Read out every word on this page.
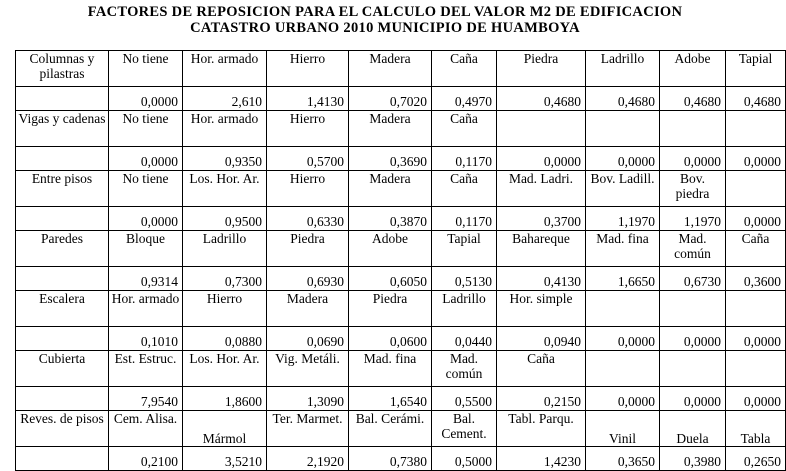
FACTORES DE REPOSICION PARA EL CALCULO DEL VALOR M2 DE EDIFICACION
CATASTRO URBANO 2010 MUNICIPIO DE HUAMBOYA
Columnas y pilastras	No tiene	Hor. armado	Hierro	Madera	Caña	Piedra	Ladrillo	Adobe	Tapial
	0,0000	2,610	1,4130	0,7020	0,4970	0,4680	0,4680	0,4680	0,4680
Vigas y cadenas	No tiene	Hor. armado	Hierro	Madera	Caña				
	0,0000	0,9350	0,5700	0,3690	0,1170	0,0000	0,0000	0,0000	0,0000
Entre pisos	No tiene	Los. Hor. Ar.	Hierro	Madera	Caña	Mad. Ladri.	Bov. Ladill.	Bov. piedra	
	0,0000	0,9500	0,6330	0,3870	0,1170	0,3700	1,1970	1,1970	0,0000
Paredes	Bloque	Ladrillo	Piedra	Adobe	Tapial	Bahareque	Mad. fina	Mad. común	Caña
	0,9314	0,7300	0,6930	0,6050	0,5130	0,4130	1,6650	0,6730	0,3600
Escalera	Hor. armado	Hierro	Madera	Piedra	Ladrillo	Hor. simple			
	0,1010	0,0880	0,0690	0,0600	0,0440	0,0940	0,0000	0,0000	0,0000
Cubierta	Est. Estruc.	Los. Hor. Ar.	Vig. Metáli.	Mad. fina	Mad. común	Caña			
	7,9540	1,8600	1,3090	1,6540	0,5500	0,2150	0,0000	0,0000	0,0000
Reves. de pisos	Cem. Alisa.	Mármol	Ter. Marmet.	Bal. Cerámi.	Bal. Cement.	Tabl. Parqu.	Vinil	Duela	Tabla
	0,2100	3,5210	2,1920	0,7380	0,5000	1,4230	0,3650	0,3980	0,2650
